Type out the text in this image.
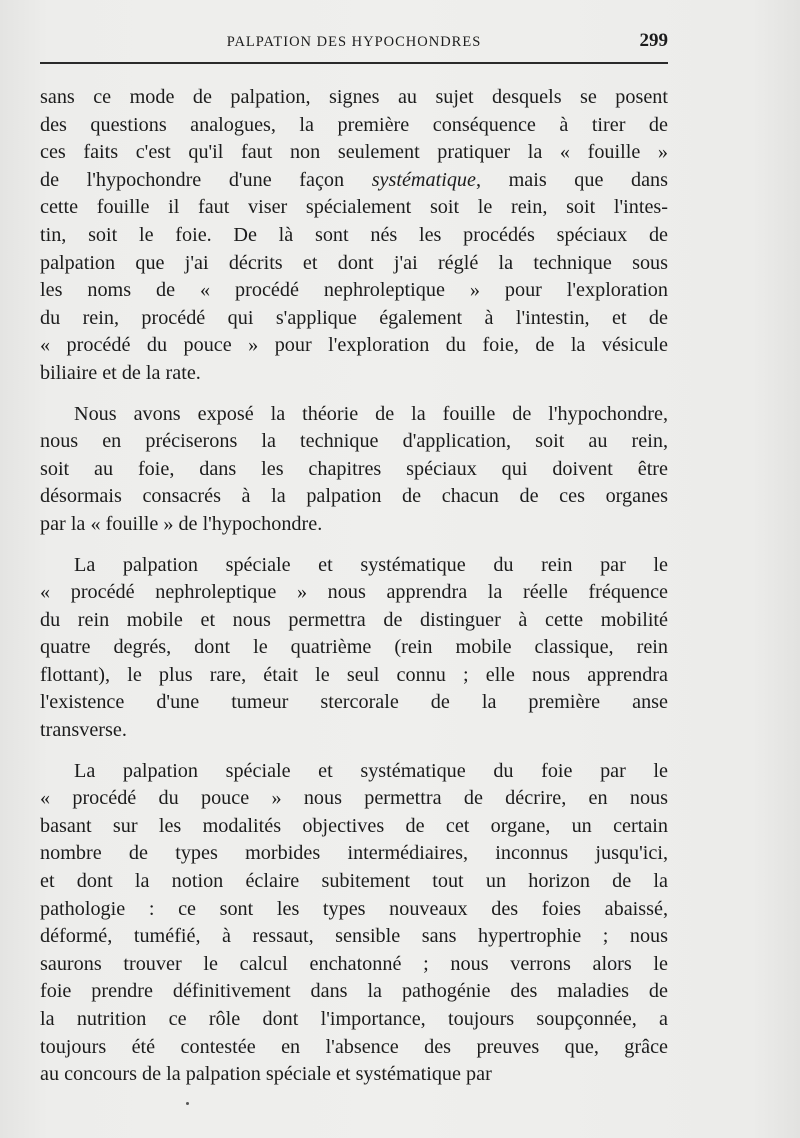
PALPATION DES HYPOCHONDRES	299

sans ce mode de palpation, signes au sujet desquels se posent
des questions analogues, la première conséquence à tirer de
ces faits c'est qu'il faut non seulement pratiquer la « fouille »
de l'hypochondre d'une façon systématique, mais que dans
cette fouille il faut viser spécialement soit le rein, soit l'intes-
tin, soit le foie. De là sont nés les procédés spéciaux de
palpation que j'ai décrits et dont j'ai réglé la technique sous
les noms de « procédé nephroleptique » pour l'exploration
du rein, procédé qui s'applique également à l'intestin, et de
« procédé du pouce » pour l'exploration du foie, de la vésicule
biliaire et de la rate.

Nous avons exposé la théorie de la fouille de l'hypochondre,
nous en préciserons la technique d'application, soit au rein,
soit au foie, dans les chapitres spéciaux qui doivent être
désormais consacrés à la palpation de chacun de ces organes
par la « fouille » de l'hypochondre.

La palpation spéciale et systématique du rein par le
« procédé nephroleptique » nous apprendra la réelle fréquence
du rein mobile et nous permettra de distinguer à cette mobilité
quatre degrés, dont le quatrième (rein mobile classique, rein
flottant), le plus rare, était le seul connu ; elle nous apprendra
l'existence d'une tumeur stercorale de la première anse
transverse.

La palpation spéciale et systématique du foie par le
« procédé du pouce » nous permettra de décrire, en nous
basant sur les modalités objectives de cet organe, un certain
nombre de types morbides intermédiaires, inconnus jusqu'ici,
et dont la notion éclaire subitement tout un horizon de la
pathologie : ce sont les types nouveaux des foies abaissé,
déformé, tuméfié, à ressaut, sensible sans hypertrophie ; nous
saurons trouver le calcul enchatonné ; nous verrons alors le
foie prendre définitivement dans la pathogénie des maladies de
la nutrition ce rôle dont l'importance, toujours soupçonnée, a
toujours été contestée en l'absence des preuves que, grâce
au concours de la palpation spéciale et systématique par
